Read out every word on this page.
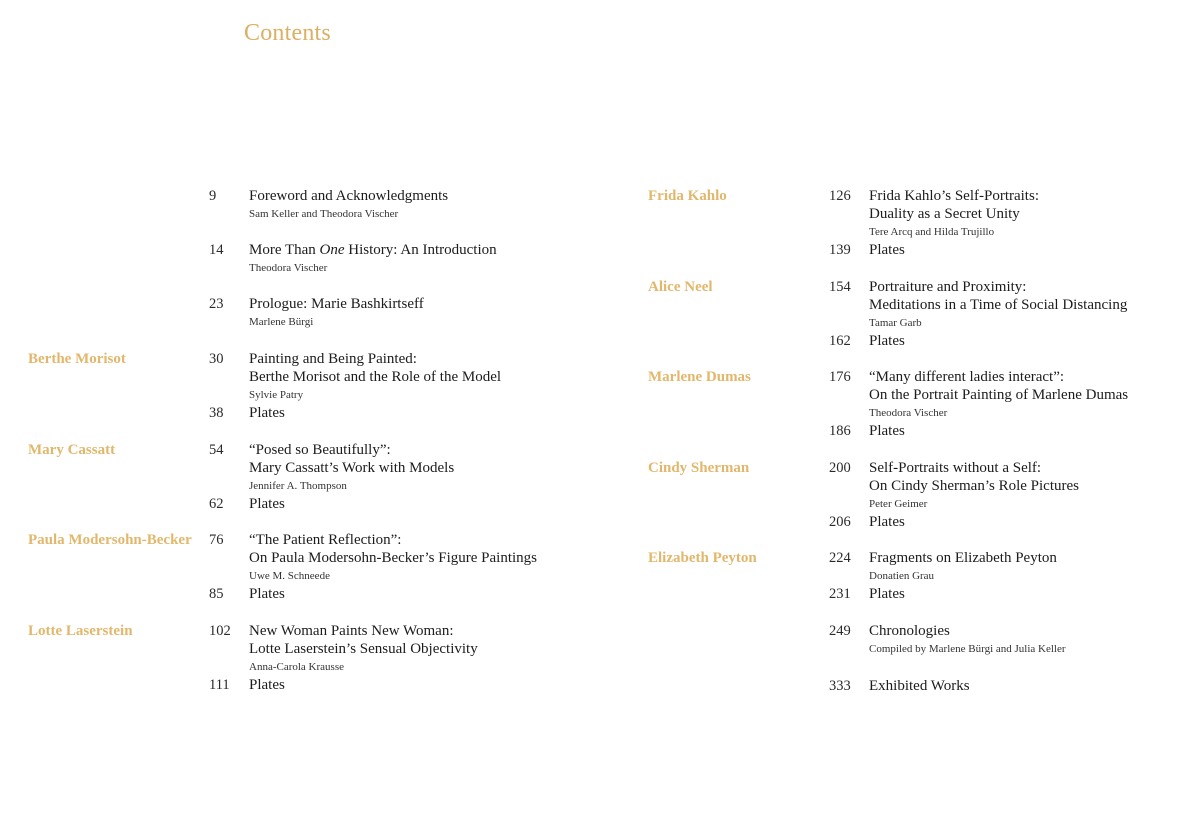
Contents
9 Foreword and Acknowledgments
Sam Keller and Theodora Vischer
14 More Than One History: An Introduction
Theodora Vischer
23 Prologue: Marie Bashkirtseff
Marlene Bürgi
Berthe Morisot	30 Painting and Being Painted:
Berthe Morisot and the Role of the Model
Sylvie Patry
38 Plates
Mary Cassatt	54 “Posed so Beautifully”:
Mary Cassatt’s Work with Models
Jennifer A. Thompson
62 Plates
Paula Modersohn-Becker 76 “The Patient Reflection”:
On Paula Modersohn-Becker’s Figure Paintings
Uwe M. Schneede
85 Plates
Lotte Laserstein	102 New Woman Paints New Woman:
Lotte Laserstein’s Sensual Objectivity
Anna-Carola Krausse
111 Plates
Frida Kahlo	126 Frida Kahlo’s Self-Portraits:
Duality as a Secret Unity
Tere Arcq and Hilda Trujillo
139 Plates
Alice Neel	154 Portraiture and Proximity:
Meditations in a Time of Social Distancing
Tamar Garb
162 Plates
Marlene Dumas	176 “Many different ladies interact”:
On the Portrait Painting of Marlene Dumas
Theodora Vischer
186 Plates
Cindy Sherman	200 Self-Portraits without a Self:
On Cindy Sherman’s Role Pictures
Peter Geimer
206 Plates
Elizabeth Peyton	224 Fragments on Elizabeth Peyton
Donatien Grau
231 Plates
249 Chronologies
Compiled by Marlene Bürgi and Julia Keller
333 Exhibited Works
